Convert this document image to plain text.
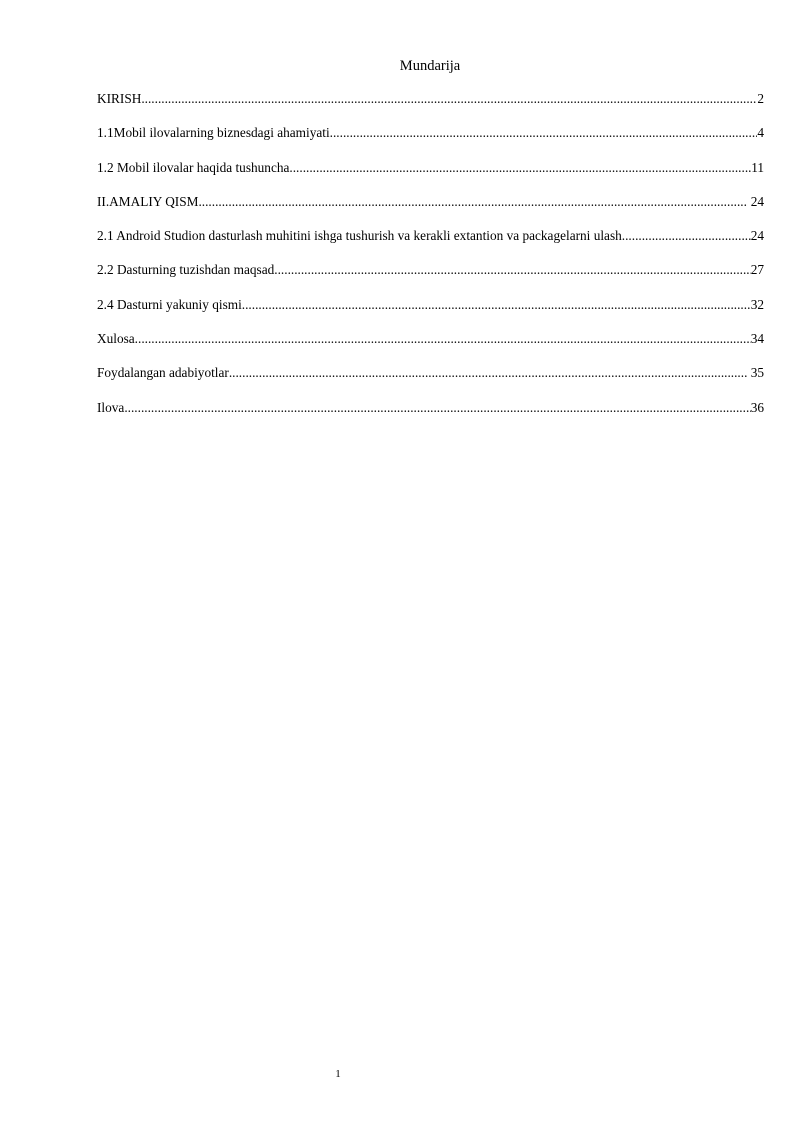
Mundarija
KIRISH .....	2
1.1Mobil ilovalarning biznesdagi ahamiyati .....	4
1.2 Mobil ilovalar haqida tushuncha .....	11
II.AMALIY QISM .....	24
2.1 Android Studion dasturlash muhitini ishga tushurish va kerakli extantion va packagelarni ulash .....	24
2.2 Dasturning tuzishdan maqsad .....	27
2.4 Dasturni yakuniy qismi .....	32
Xulosa .....	34
Foydalangan adabiyotlar .....	35
Ilova .....	36
1
